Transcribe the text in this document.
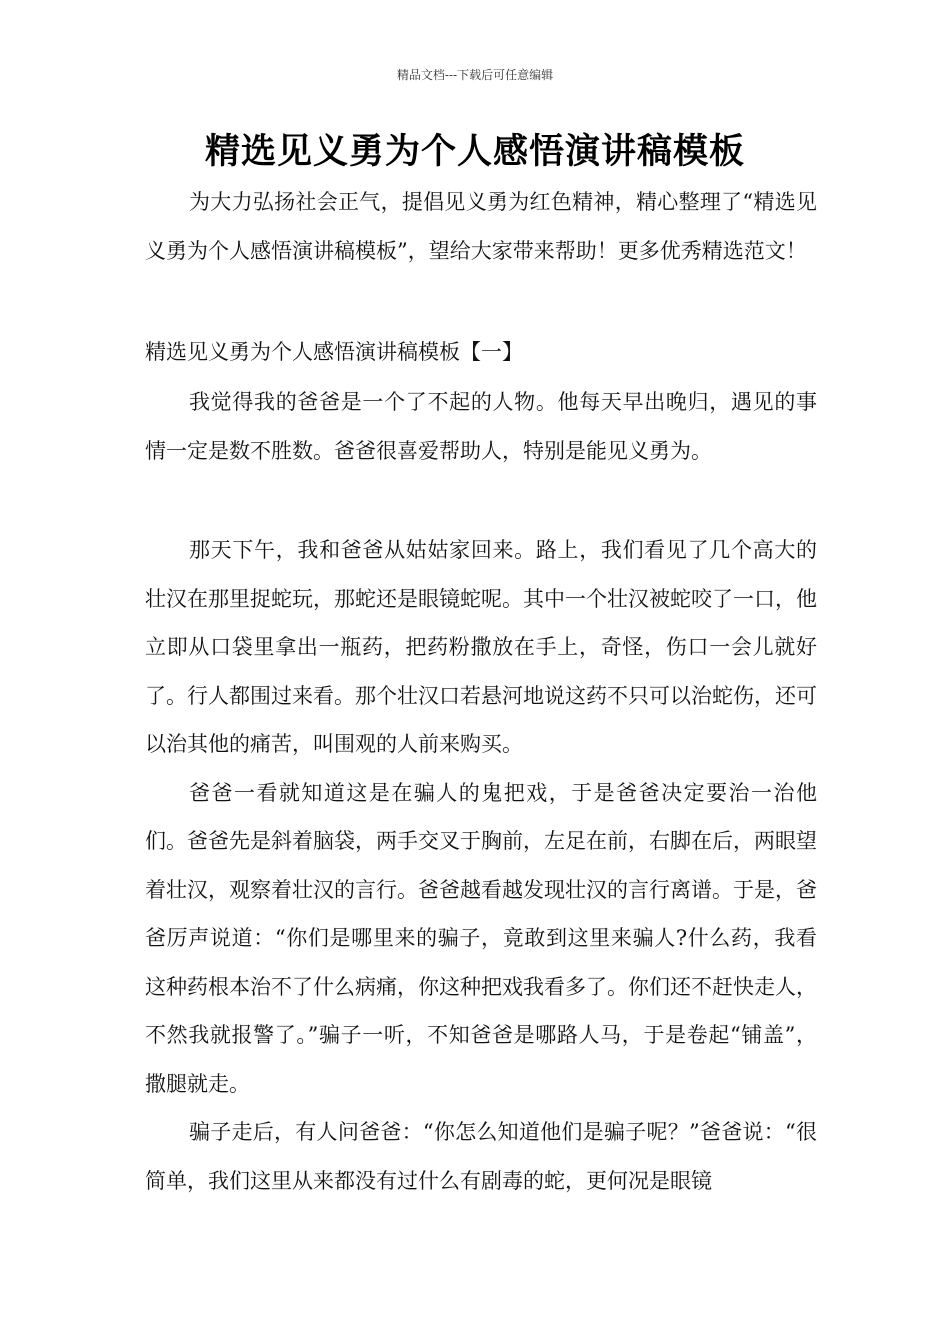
精品文档---下载后可任意编辑
精选见义勇为个人感悟演讲稿模板

为大力弘扬社会正气，提倡见义勇为红色精神，精心整理了“精选见义勇为个人感悟演讲稿模板”，望给大家带来帮助！更多优秀精选范文！

精选见义勇为个人感悟演讲稿模板【一】

我觉得我的爸爸是一个了不起的人物。他每天早出晚归，遇见的事情一定是数不胜数。爸爸很喜爱帮助人，特别是能见义勇为。

那天下午，我和爸爸从姑姑家回来。路上，我们看见了几个高大的壮汉在那里捉蛇玩，那蛇还是眼镜蛇呢。其中一个壮汉被蛇咬了一口，他立即从口袋里拿出一瓶药，把药粉撒放在手上，奇怪，伤口一会儿就好了。行人都围过来看。那个壮汉口若悬河地说这药不只可以治蛇伤，还可以治其他的痛苦，叫围观的人前来购买。

爸爸一看就知道这是在骗人的鬼把戏，于是爸爸决定要治一治他们。爸爸先是斜着脑袋，两手交叉于胸前，左足在前，右脚在后，两眼望着壮汉，观察着壮汉的言行。爸爸越看越发现壮汉的言行离谱。于是，爸爸厉声说道：“你们是哪里来的骗子，竟敢到这里来骗人?什么药，我看这种药根本治不了什么病痛，你这种把戏我看多了。你们还不赶快走人，不然我就报警了。”骗子一听，不知爸爸是哪路人马，于是卷起“铺盖”，撒腿就走。

骗子走后，有人问爸爸：“你怎么知道他们是骗子呢？”爸爸说：“很简单，我们这里从来都没有过什么有剧毒的蛇，更何况是眼镜
